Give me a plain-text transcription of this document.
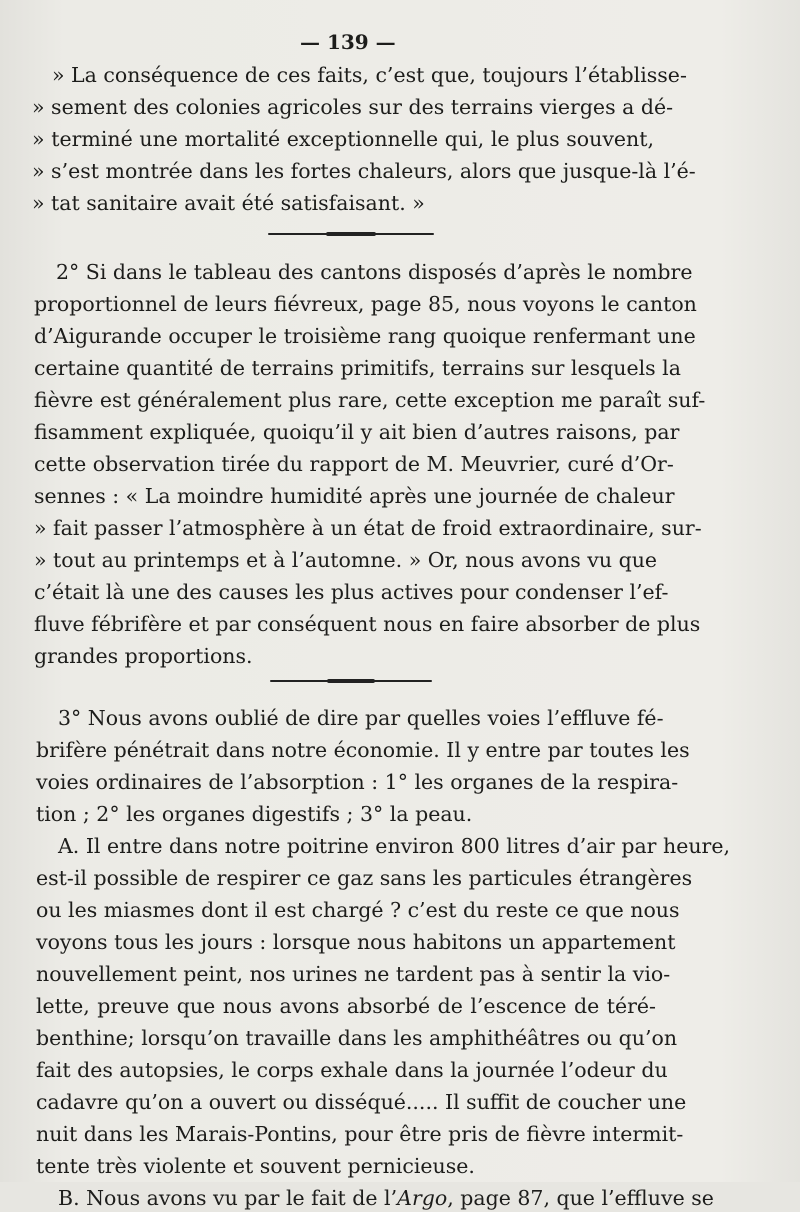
— 139 —
» La conséquence de ces faits, c’est que, toujours l’établisse-
» sement des colonies agricoles sur des terrains vierges a dé-
» terminé une mortalité exceptionnelle qui, le plus souvent,
» s’est montrée dans les fortes chaleurs, alors que jusque-là l’é-
» tat sanitaire avait été satisfaisant. »
2° Si dans le tableau des cantons disposés d’après le nombre
proportionnel de leurs fiévreux, page 85, nous voyons le canton
d’Aigurande occuper le troisième rang quoique renfermant une
certaine quantité de terrains primitifs, terrains sur lesquels la
fièvre est généralement plus rare, cette exception me paraît suf-
fisamment expliquée, quoiqu’il y ait bien d’autres raisons, par
cette observation tirée du rapport de M. Meuvrier, curé d’Or-
sennes : « La moindre humidité après une journée de chaleur
» fait passer l’atmosphère à un état de froid extraordinaire, sur-
» tout au printemps et à l’automne. » Or, nous avons vu que
c’était là une des causes les plus actives pour condenser l’ef-
fluve fébrifère et par conséquent nous en faire absorber de plus
grandes proportions.
3° Nous avons oublié de dire par quelles voies l’effluve fé-
brifère pénétrait dans notre économie. Il y entre par toutes les
voies ordinaires de l’absorption : 1° les organes de la respira-
tion ; 2° les organes digestifs ; 3° la peau.
A. Il entre dans notre poitrine environ 800 litres d’air par heure,
est-il possible de respirer ce gaz sans les particules étrangères
ou les miasmes dont il est chargé ? c’est du reste ce que nous
voyons tous les jours : lorsque nous habitons un appartement
nouvellement peint, nos urines ne tardent pas à sentir la vio-
lette, preuve que nous avons absorbé de l’escence de téré-
benthine; lorsqu’on travaille dans les amphithéâtres ou qu’on
fait des autopsies, le corps exhale dans la journée l’odeur du
cadavre qu’on a ouvert ou disséqué..... Il suffit de coucher une
nuit dans les Marais-Pontins, pour être pris de fièvre intermit-
tente très violente et souvent pernicieuse.
B. Nous avons vu par le fait de l’Argo, page 87, que l’effluve se
